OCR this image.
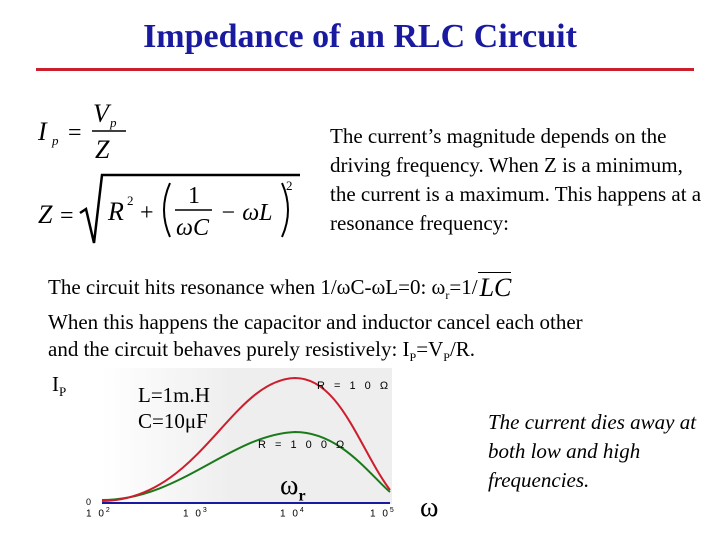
Impedance of an RLC Circuit
I p =
V p
Z
Z = R 2 +
1
ωC
− ωL
2
The current’s magnitude depends on the driving frequency. When Z is a minimum, the current is a maximum. This happens at a resonance frequency:
The circuit hits resonance when 1/ωC-ωL=0: $\omega_r=1/LC$
When this happens the capacitor and inductor cancel each other
and the circuit behaves purely resistively: $I_P=V_P/R$.
$I_P$	L=1m.H
C=10μF
R = 1 0 Ω
R = 1 0 0 Ω
$\omega_r$
0
1 $0^2$	1 $0^3$	1 $0^4$	1 $0^5$ ω
The current dies away at both low and high frequencies.
